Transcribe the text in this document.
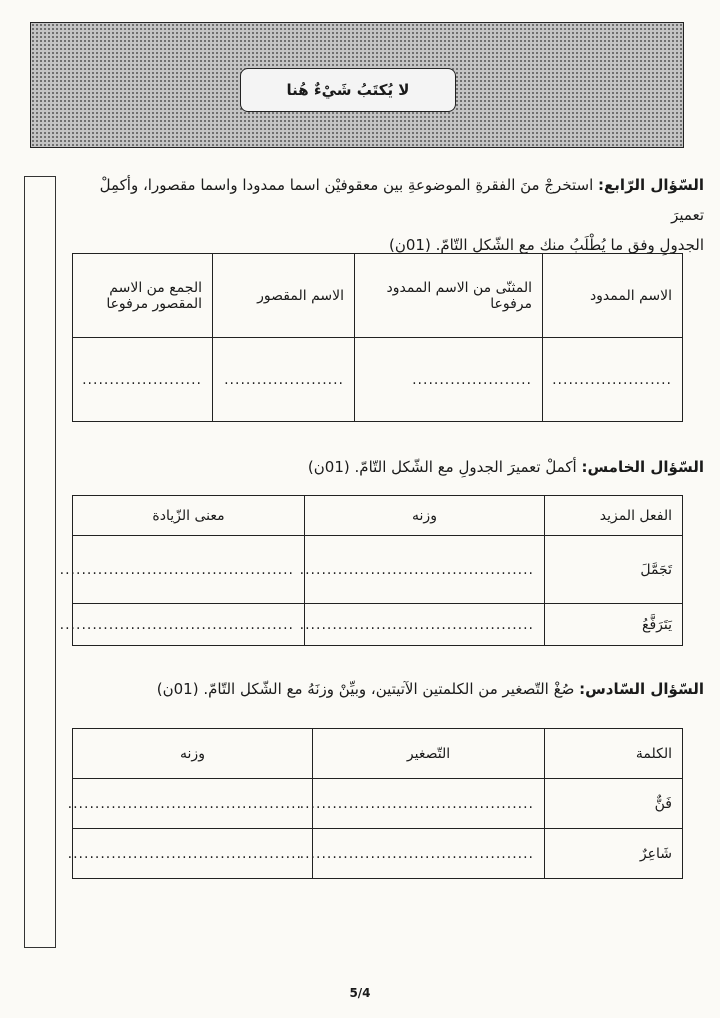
لا يُكتَبُ شَيْءٌ هُنا
السّؤال الرّابع: استخرجْ منَ الفقرةِ الموضوعةِ بين معقوفيْن اسما ممدودا واسما مقصورا، وأكمِلْ تعميرَ
الجدولِ وفق ما يُطْلَبُ منك مع الشّكل التّامّ. (01ن)
الاسم الممدود	المثنّى من الاسم الممدود مرفوعا	الاسم المقصور	الجمع من الاسم المقصور مرفوعا
......................	......................	......................	......................
السّؤال الخامس: أكملْ تعميرَ الجدولِ مع الشّكل التّامّ. (01ن)
الفعل المزيد	وزنه	معنى الزّيادة
تَجَمَّلَ	...........................................	...........................................
يَتَرَفَّعُ	...........................................	...........................................
السّؤال السّادس: صُغْ التّصغير من الكلمتين الآتيتين، وبيِّنْ وزنَهُ مع الشّكل التّامّ. (01ن)
الكلمة	التّصغير	وزنه
فَنٌّ	...........................................	...........................................
شَاعِرٌ	...........................................	...........................................
5/4
